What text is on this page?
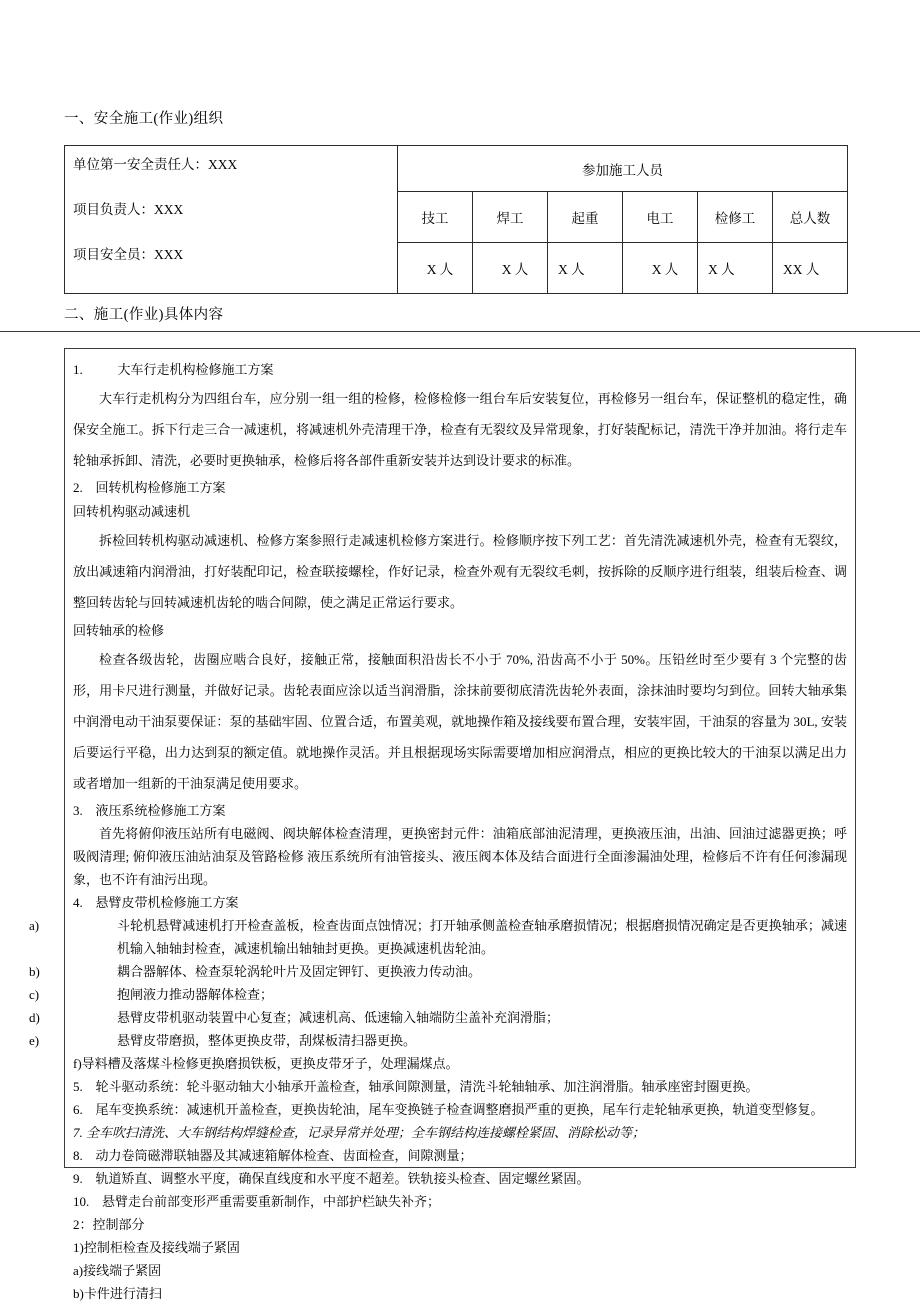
一、安全施工(作业)组织
单位第一安全责任人：XXX
项目负责人：XXX
项目安全员：XXX	参加施工人员					
	技工	焊工	起重	电工	检修工	总人数
	X 人	X 人	X 人	X 人	X 人	XX 人
二、施工(作业)具体内容
1.	大车行走机构检修施工方案

大车行走机构分为四组台车，应分别一组一组的检修，检修检修一组台车后安装复位，再检修另一组台车，保证整机的稳定性，确保安全施工。拆下行走三合一减速机，将减速机外壳清理干净，检查有无裂纹及异常现象，打好装配标记，清洗干净并加油。将行走车轮轴承拆卸、清洗，必要时更换轴承，检修后将各部件重新安装并达到设计要求的标准。

2. 回转机构检修施工方案
回转机构驱动减速机

拆检回转机构驱动减速机、检修方案参照行走减速机检修方案进行。检修顺序按下列工艺：首先清洗减速机外壳，检查有无裂纹，放出减速箱内润滑油，打好装配印记，检查联接螺栓，作好记录，检查外观有无裂纹毛刺，按拆除的反顺序进行组装，组装后检查、调整回转齿轮与回转减速机齿轮的啮合间隙，使之满足正常运行要求。

回转轴承的检修

检查各级齿轮，齿圈应啮合良好，接触正常，接触面积沿齿长不小于 70%, 沿齿高不小于 50%。压铅丝时至少要有 3 个完整的齿形，用卡尺进行测量，并做好记录。齿轮表面应涂以适当润滑脂，涂抹前要彻底清洗齿轮外表面，涂抹油时要均匀到位。回转大轴承集中润滑电动干油泵要保证：泵的基础牢固、位置合适，布置美观，就地操作箱及接线要布置合理，安装牢固，干油泵的容量为 30L, 安装后要运行平稳，出力达到泵的额定值。就地操作灵活。并且根据现场实际需要增加相应润滑点，相应的更换比较大的干油泵以满足出力或者增加一组新的干油泵满足使用要求。

3. 液压系统检修施工方案

首先将俯仰液压站所有电磁阀、阀块解体检查清理，更换密封元件：油箱底部油泥清理，更换液压油，出油、回油过滤器更换；呼吸阀清理; 俯仰液压油站油泵及管路检修 液压系统所有油管接头、液压阀本体及结合面进行全面渗漏油处理，检修后不许有任何渗漏现象，也不许有油污出现。

4. 悬臂皮带机检修施工方案

a)	斗轮机悬臂减速机打开检查盖板，检查齿面点蚀情况；打开轴承侧盖检查轴承磨损情况；根据磨损情况确定是否更换轴承；减速机输入轴轴封检查，减速机输出轴轴封更换。更换减速机齿轮油。

b)	耦合器解体、检查泵轮涡轮叶片及固定钾钉、更换液力传动油。

c)	抱闸液力推动器解体检查；

d)	悬臂皮带机驱动装置中心复查；减速机高、低速输入轴端防尘盖补充润滑脂；

e)	悬臂皮带磨损，整体更换皮带，刮煤板清扫器更换。

f)导料槽及落煤斗检修更换磨损铁板，更换皮带牙子，处理漏煤点。

5. 轮斗驱动系统：轮斗驱动轴大小轴承开盖检查，轴承间隙测量，清洗斗轮轴轴承、加注润滑脂。轴承座密封圈更换。

6. 尾车变换系统：减速机开盖检查，更换齿轮油，尾车变换链子检查调整磨损严重的更换，尾车行走轮轴承更换，轨道变型修复。

7. 全车吹扫清洗、大车钢结构焊缝检查，记录异常并处理；全车钢结构连接螺栓紧固、消除松动等；

8. 动力卷筒磁滞联轴器及其减速箱解体检查、齿面检查，间隙测量；

9. 轨道矫直、调整水平度，确保直线度和水平度不超差。铁轨接头检查、固定螺丝紧固。

10. 悬臂走台前部变形严重需要重新制作，中部护栏缺失补齐；

2：控制部分

1)控制柜检查及接线端子紧固

a)接线端子紧固

b)卡件进行清扫
